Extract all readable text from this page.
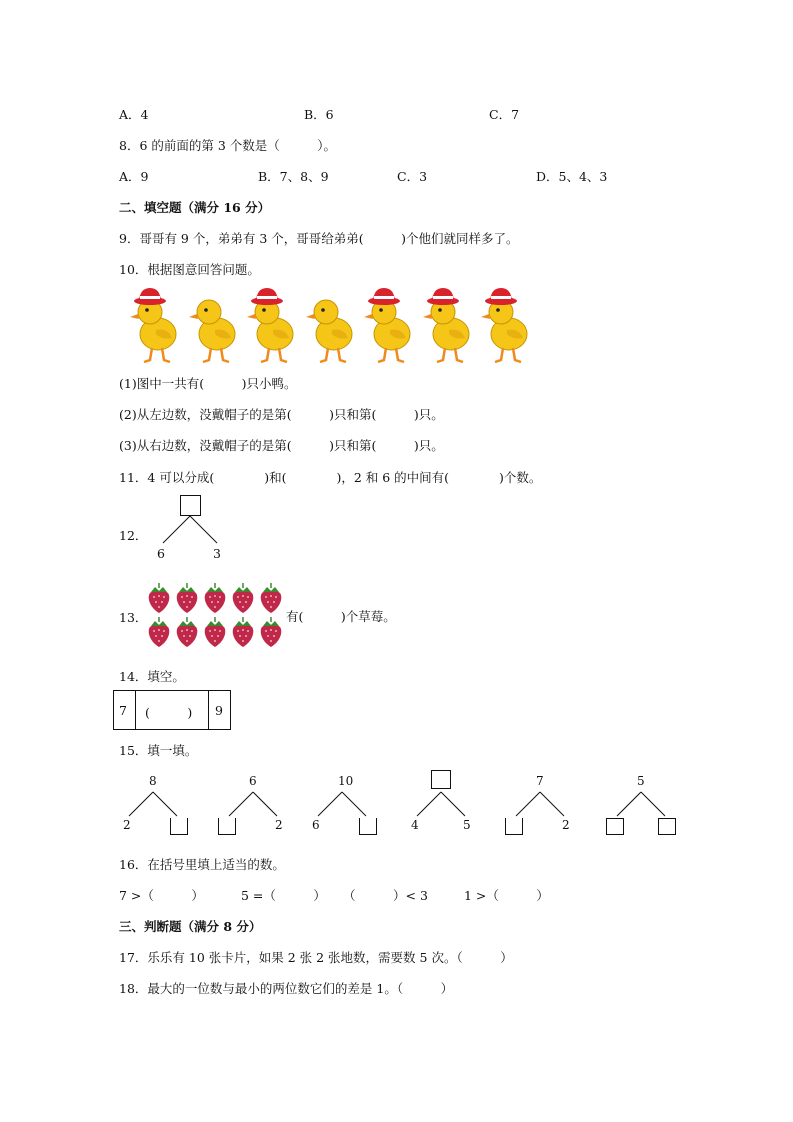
A．4	B．6	C．7
8．6 的前面的第 3 个数是（　　　）。
A．9	B．7、8、9	C．3	D．5、4、3
二、填空题（满分 16 分）
9．哥哥有 9 个，弟弟有 3 个，哥哥给弟弟(　　　)个他们就同样多了。
10．根据图意回答问题。
(1)图中一共有(　　　)只小鸭。
(2)从左边数，没戴帽子的是第(　　　)只和第(　　　)只。
(3)从右边数，没戴帽子的是第(　　　)只和第(　　　)只。
11．4 可以分成(　　　　)和(　　　　)，2 和 6 的中间有(　　　　)个数。
12．
6	3
13．	有(　　　)个草莓。
14．填空。
7 (　　　) 9
15．填一填。
8
2
6
2
10
6	4	5
7
2
5
16．在括号里填上适当的数。
7 >（　　　）	5 =（　　　） （　　　）< 3	1 >（　　　）
三、判断题（满分 8 分）
17．乐乐有 10 张卡片，如果 2 张 2 张地数，需要数 5 次。（　　　）
18．最大的一位数与最小的两位数它们的差是 1。（　　　）
